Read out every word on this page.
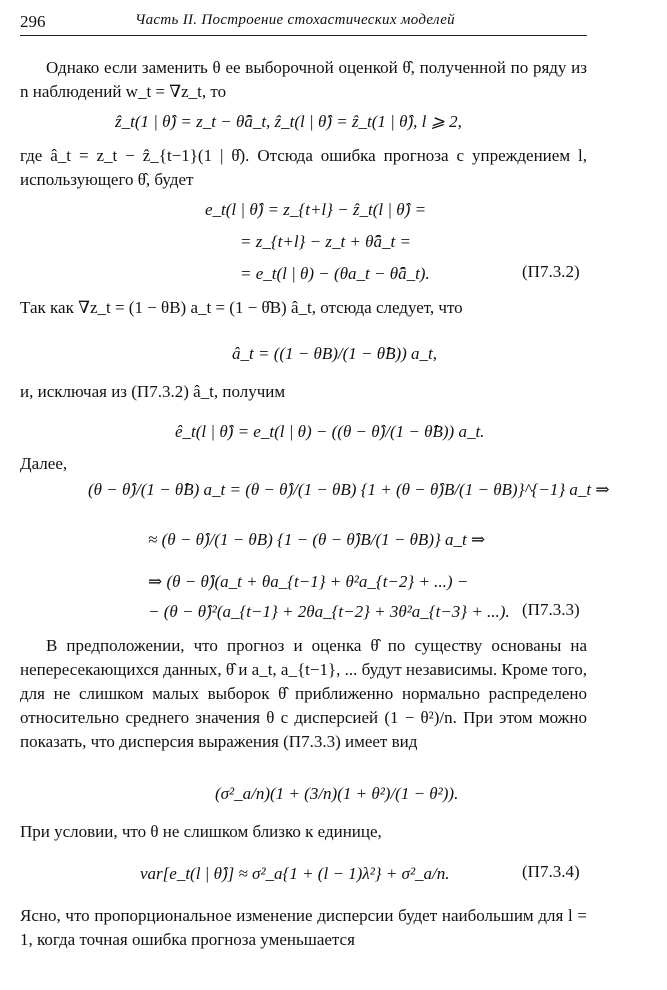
296	Часть II. Построение стохастических моделей
Однако если заменить θ ее выборочной оценкой θ̂, полученной по ряду из n наблюдений w_t = ∇z_t, то
ẑ_t(1 | θ̂) = z_t − θ̂â_t, ẑ_t(l | θ̂) = ẑ_t(1 | θ̂), l ⩾ 2,
где â_t = z_t − ẑ_{t−1}(1 | θ̂). Отсюда ошибка прогноза с упреждением l, использующего θ̂, будет
e_t(l | θ̂) = z_{t+l} − ẑ_t(l | θ̂) =
= z_{t+l} − z_t + θ̂â_t =
= e_t(l | θ) − (θa_t − θ̂â_t).	(П7.3.2)
Так как ∇z_t = (1 − θB) a_t = (1 − θ̂B) â_t, отсюда следует, что
â_t = ((1 − θB)/(1 − θ̂B)) a_t,
и, исключая из (П7.3.2) â_t, получим
ê_t(l | θ̂) = e_t(l | θ) − ((θ − θ̂)/(1 − θ̂B)) a_t.
Далее,
(θ − θ̂)/(1 − θ̂B) a_t = (θ − θ̂)/(1 − θB) {1 + (θ − θ̂)B/(1 − θB)}^{−1} a_t ⇒
≈ (θ − θ̂)/(1 − θB) {1 − (θ − θ̂)B/(1 − θB)} a_t ⇒
⇒ (θ − θ̂)(a_t + θa_{t−1} + θ²a_{t−2} + ...) −
− (θ − θ̂)²(a_{t−1} + 2θa_{t−2} + 3θ²a_{t−3} + ...). (П7.3.3)
В предположении, что прогноз и оценка θ̂ по существу основаны на непересекающихся данных, θ̂ и a_t, a_{t−1}, ... будут независимы. Кроме того, для не слишком малых выборок θ̂ приближенно нормально распределено относительно среднего значения θ с дисперсией (1 − θ²)/n. При этом можно показать, что дисперсия выражения (П7.3.3) имеет вид
(σ²_a/n)(1 + (3/n)(1 + θ²)/(1 − θ²)).
При условии, что θ не слишком близко к единице,
var[e_t(l | θ̂)] ≈ σ²_a{1 + (l − 1)λ²} + σ²_a/n.	(П7.3.4)
Ясно, что пропорциональное изменение дисперсии будет наибольшим для l = 1, когда точная ошибка прогноза уменьшается
